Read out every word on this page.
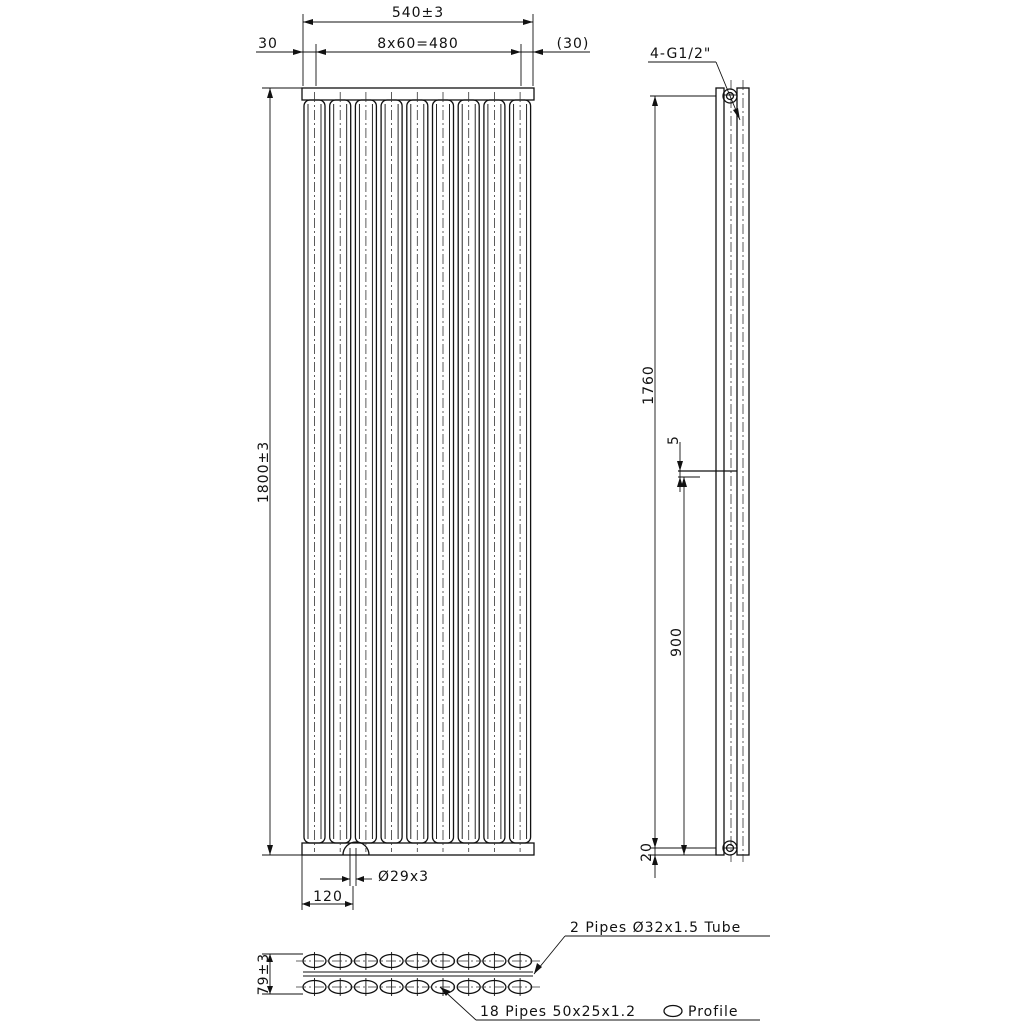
540±3
30	8x60=480	(30)
1800±3
Ø29x3
120
4-G1/2"
1760
5
900
20
79±3
2 Pipes Ø32x1.5 Tube
18 Pipes 50x25x1.2	Profile
